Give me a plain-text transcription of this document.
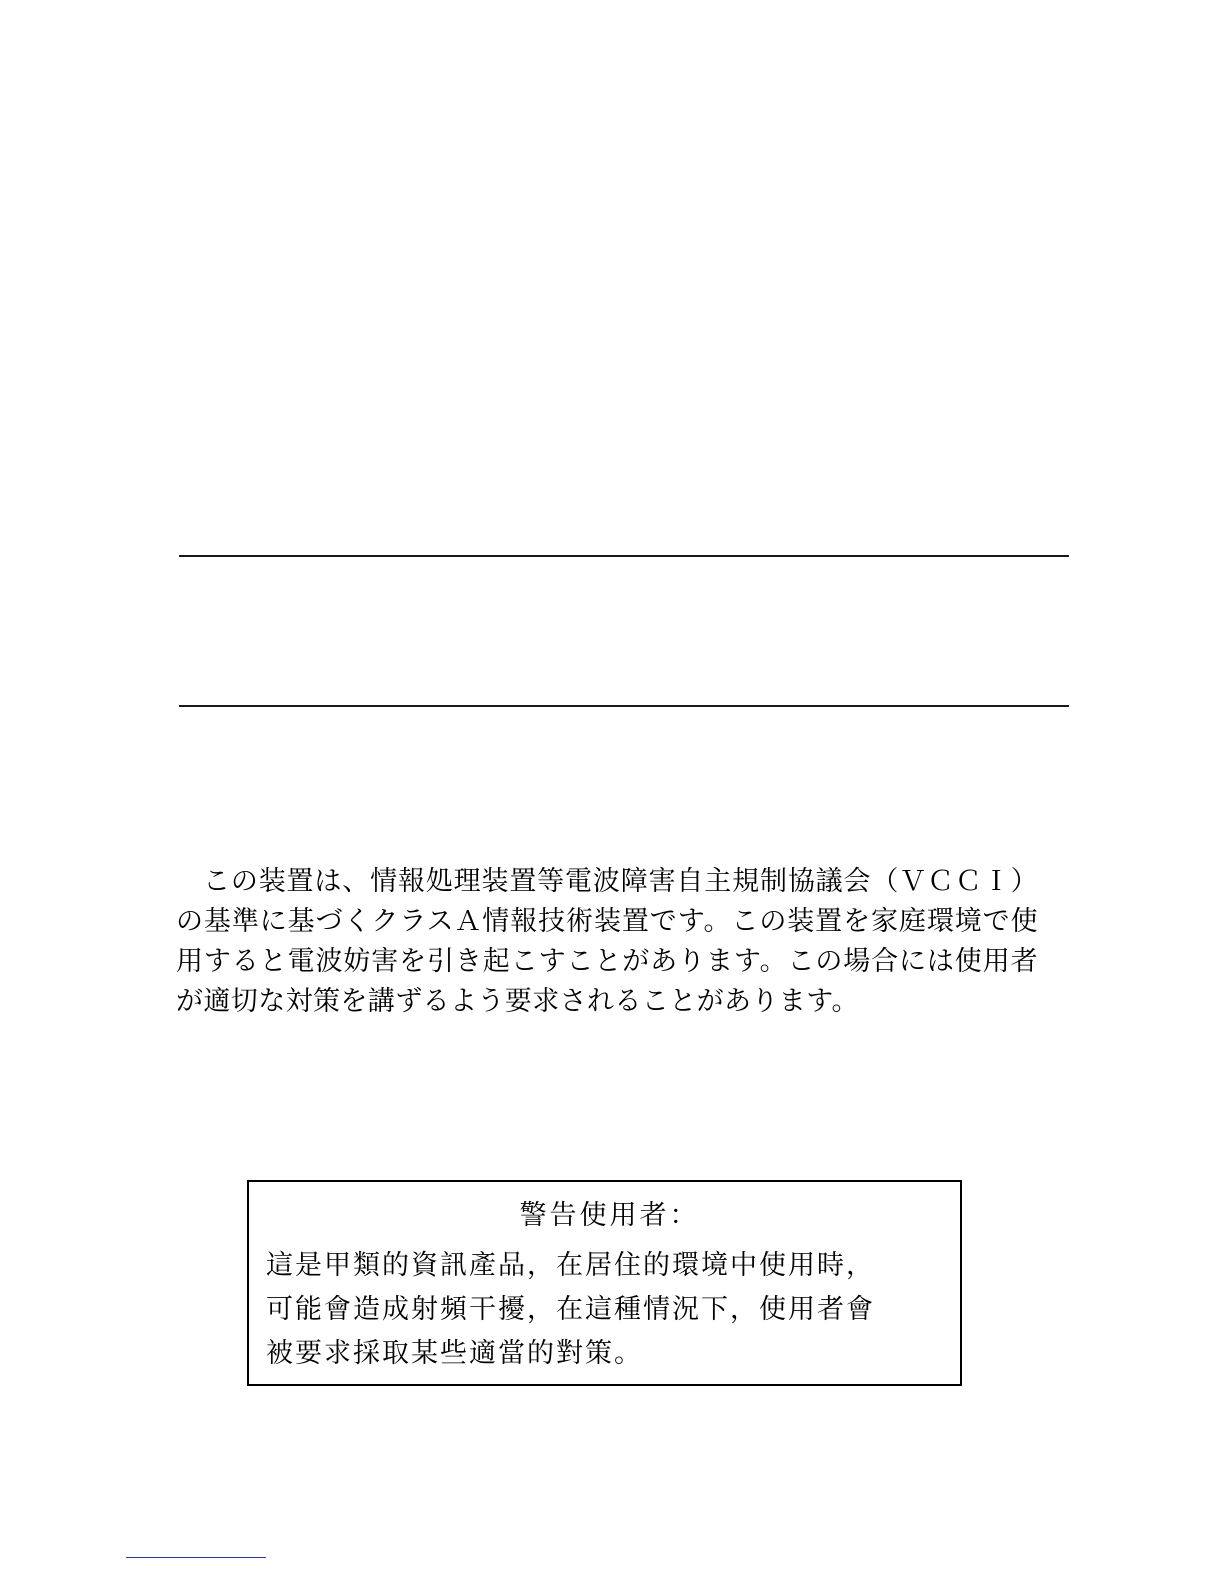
この装置は、情報処理装置等電波障害自主規制協議会（ＶＣＣＩ）の基準に基づくクラスＡ情報技術装置です。この装置を家庭環境で使用すると電波妨害を引き起こすことがあります。この場合には使用者が適切な対策を講ずるよう要求されることがあります。

警告使用者：

這是甲類的資訊產品，在居住的環境中使用時，
可能會造成射頻干擾，在這種情況下，使用者會
被要求採取某些適當的對策。
